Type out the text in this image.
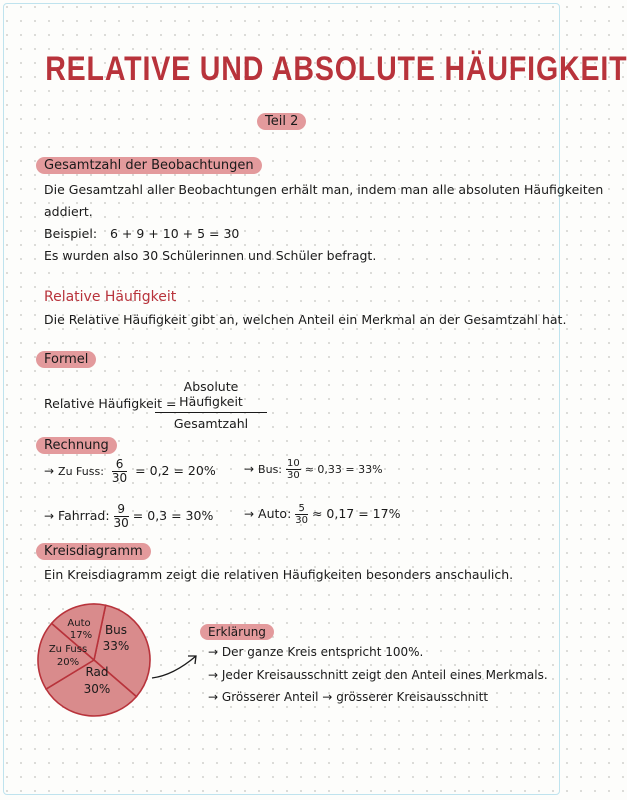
RELATIVE UND ABSOLUTE HÄUFIGKEIT
Teil 2
Gesamtzahl der Beobachtungen
Die Gesamtzahl aller Beobachtungen erhält man, indem man alle absoluten Häufigkeiten
addiert.
Beispiel: 6 + 9 + 10 + 5 = 30
Es wurden also 30 Schülerinnen und Schüler befragt.
Relative Häufigkeit
Die Relative Häufigkeit gibt an, welchen Anteil ein Merkmal an der Gesamtzahl hat.
Formel
Relative Häufigkeit =
Absolute Häufigkeit
Gesamtzahl
Rechnung
→ Zu Fuss: $\frac{6}{30} = 0,2 = 20\%$ → Bus: $\frac{10}{30} \approx 0,33 = 33\%$
→ Fahrrad: $\frac{9}{30} = 0,3 = 30\%$	→ Auto: $\frac{5}{30} \approx 0,17 = 17\%$
Kreisdiagramm
Ein Kreisdiagramm zeigt die relativen Häufigkeiten besonders anschaulich.
Bus
33%
Rad
30%
Zu Fuss
20%
Auto
17%	Erklärung
→ Der ganze Kreis entspricht 100%.
→ Jeder Kreisausschnitt zeigt den Anteil eines Merkmals.
→ Grösserer Anteil → grösserer Kreisausschnitt
